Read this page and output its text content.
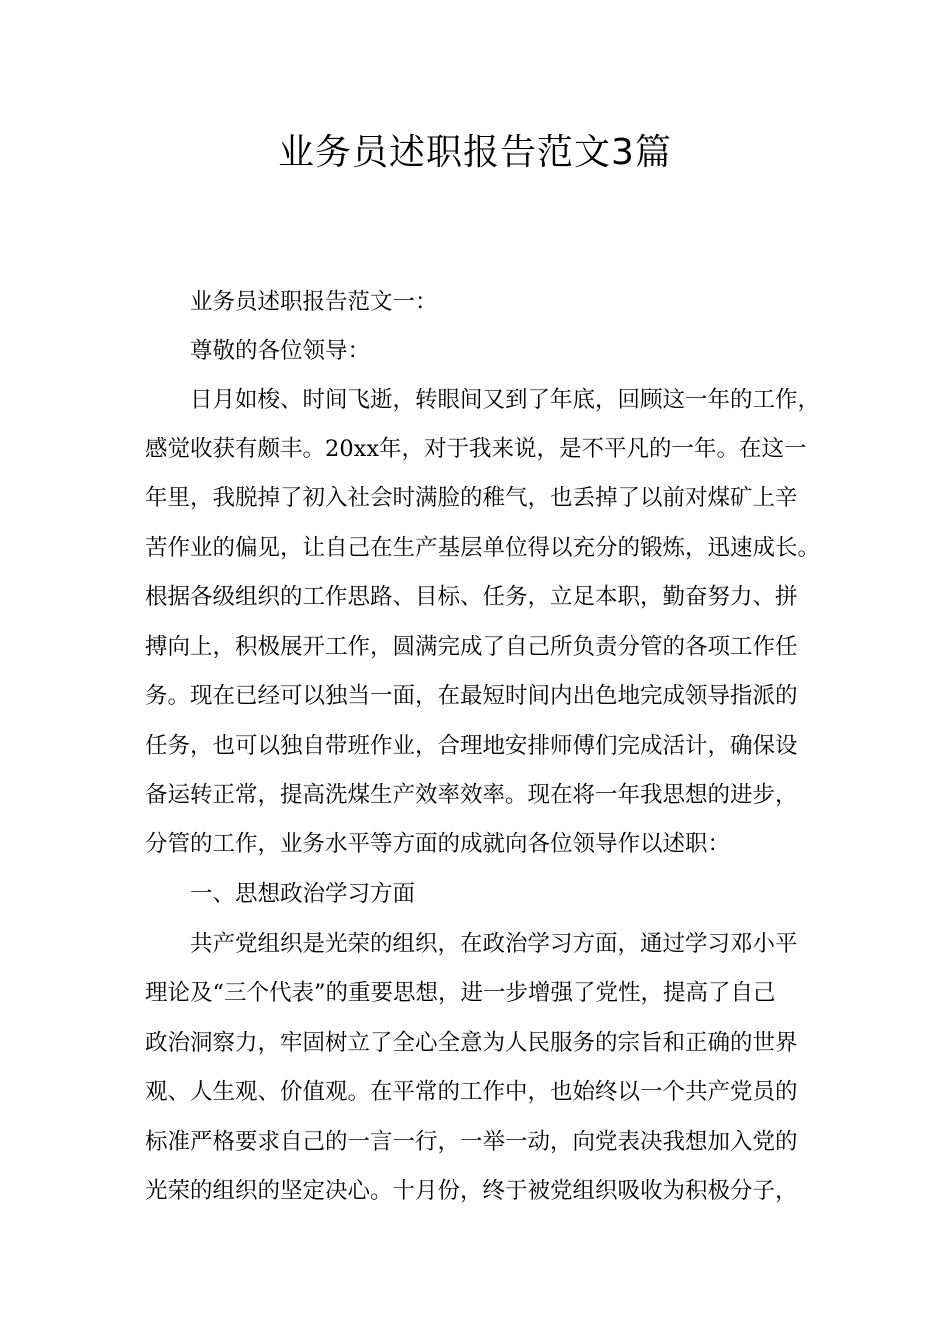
业务员述职报告范文3篇

业务员述职报告范文一：

尊敬的各位领导：

日月如梭、时间飞逝，转眼间又到了年底，回顾这一年的工作，

感觉收获有颇丰。20xx年，对于我来说，是不平凡的一年。在这一

年里，我脱掉了初入社会时满脸的稚气，也丢掉了以前对煤矿上辛

苦作业的偏见，让自己在生产基层单位得以充分的锻炼，迅速成长。

根据各级组织的工作思路、目标、任务，立足本职，勤奋努力、拼

搏向上，积极展开工作，圆满完成了自己所负责分管的各项工作任

务。现在已经可以独当一面，在最短时间内出色地完成领导指派的

任务，也可以独自带班作业，合理地安排师傅们完成活计，确保设

备运转正常，提高洗煤生产效率效率。现在将一年我思想的进步，

分管的工作，业务水平等方面的成就向各位领导作以述职：

一、思想政治学习方面

共产党组织是光荣的组织，在政治学习方面，通过学习邓小平

理论及“三个代表”的重要思想，进一步增强了党性，提高了自己

政治洞察力，牢固树立了全心全意为人民服务的宗旨和正确的世界

观、人生观、价值观。在平常的工作中，也始终以一个共产党员的

标准严格要求自己的一言一行，一举一动，向党表决我想加入党的

光荣的组织的坚定决心。十月份，终于被党组织吸收为积极分子，
